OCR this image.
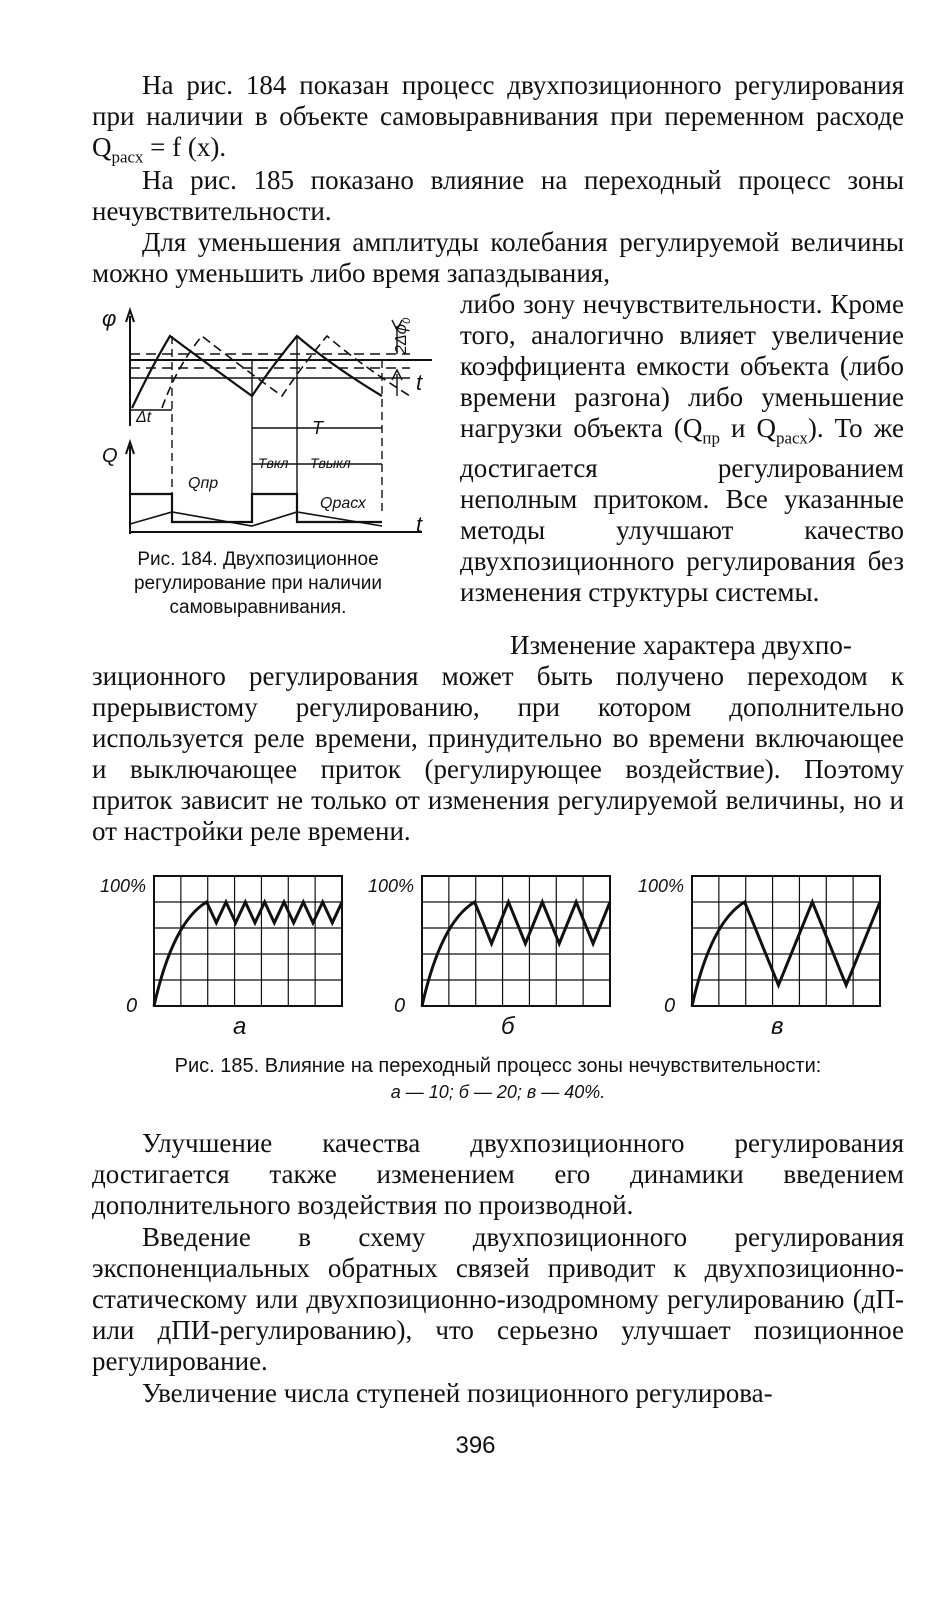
На рис. 184 показан процесс двухпозиционного регулирования при наличии в объекте самовыравнивания при переменном расходе $Q_{расх} = f$ (x).

На рис. 185 показано влияние на переходный процесс зоны нечувствительности.

Для уменьшения амплитуды колебания регулируемой величины можно уменьшить либо время запаздывания,

либо зону нечувствительности. Кроме того, аналогично влияет увеличение коэффициента емкости объекта (либо времени разгона) либо уменьшение нагрузки объекта ($Q_{пр}$ и $Q_{расх}$). То же достигается регулированием неполным притоком. Все указанные методы улучшают качество двухпозиционного регулирования без изменения структуры системы.

Изменение характера двухпо-

зиционного регулирования может быть получено переходом к прерывистому регулированию, при котором дополнительно используется реле времени, принудительно во времени включающее и выключающее приток (регулирующее воздействие). Поэтому приток зависит не только от изменения регулируемой величины, но и от настройки реле времени.

φ
t
$2\Delta\varphi_0$
Δt
T
Q	Tвкл Tвыкл
Qпр
Qрасх
t

Рис. 184. Двухпозиционное регулирование при наличии самовыравнивания.

100%
0
а
100%
0
б
100%
0
в

Рис. 185. Влияние на переходный процесс зоны нечувствительности:

а — 10; б — 20; в — 40%.

Улучшение качества двухпозиционного регулирования достигается также изменением его динамики введением дополнительного воздействия по производной.

Введение в схему двухпозиционного регулирования экспоненциальных обратных связей приводит к двухпозиционно-статическому или двухпозиционно-изодромному регулированию (дП- или дПИ-регулированию), что серьезно улучшает позиционное регулирование.

Увеличение числа ступеней позиционного регулирова-

396
